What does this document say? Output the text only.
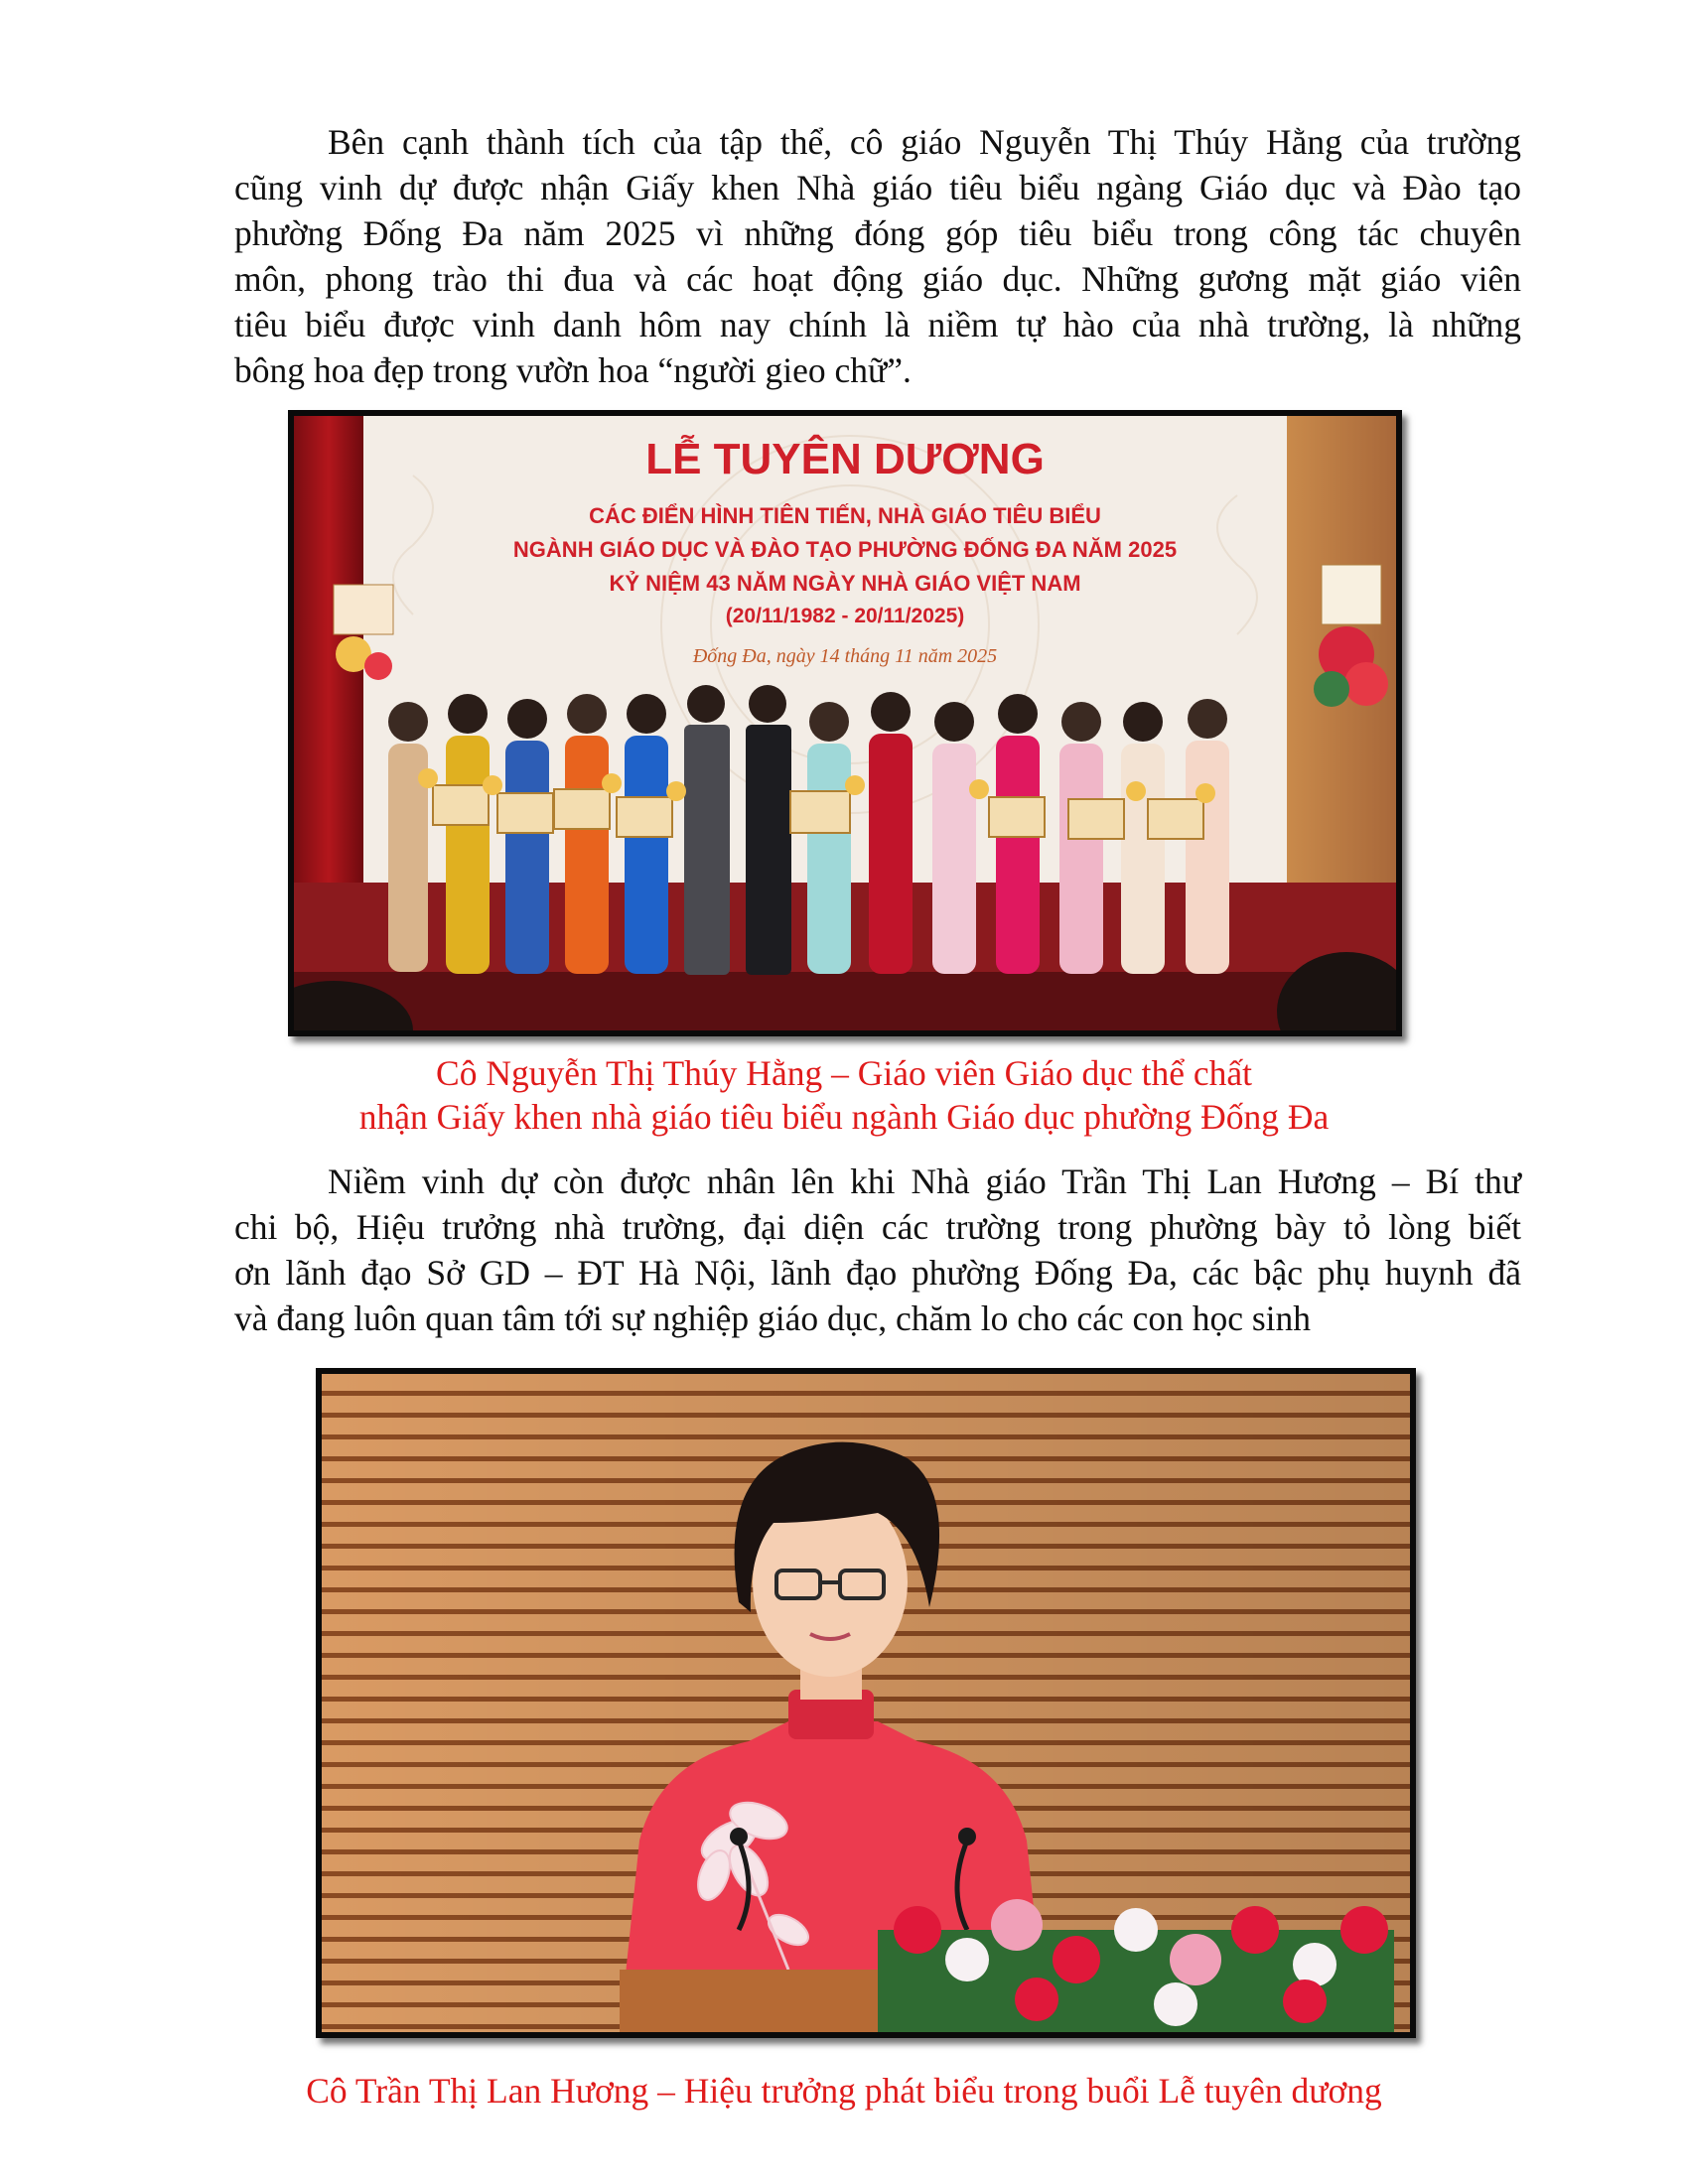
Bên cạnh thành tích của tập thể, cô giáo Nguyễn Thị Thúy Hằng của trường
cũng vinh dự được nhận Giấy khen Nhà giáo tiêu biểu ngàng Giáo dục và Đào tạo
phường Đống Đa năm 2025 vì những đóng góp tiêu biểu trong công tác chuyên
môn, phong trào thi đua và các hoạt động giáo dục. Những gương mặt giáo viên
tiêu biểu được vinh danh hôm nay chính là niềm tự hào của nhà trường, là những
bông hoa đẹp trong vườn hoa “người gieo chữ”.
LỄ TUYÊN DƯƠNG
CÁC ĐIỂN HÌNH TIÊN TIẾN, NHÀ GIÁO TIÊU BIỂU
NGÀNH GIÁO DỤC VÀ ĐÀO TẠO PHƯỜNG ĐỐNG ĐA NĂM 2025
KỶ NIỆM 43 NĂM NGÀY NHÀ GIÁO VIỆT NAM
(20/11/1982 - 20/11/2025)
Đống Đa, ngày 14 tháng 11 năm 2025
Cô Nguyễn Thị Thúy Hằng – Giáo viên Giáo dục thể chất
nhận Giấy khen nhà giáo tiêu biểu ngành Giáo dục phường Đống Đa
Niềm vinh dự còn được nhân lên khi Nhà giáo Trần Thị Lan Hương – Bí thư
chi bộ, Hiệu trưởng nhà trường, đại diện các trường trong phường bày tỏ lòng biết
ơn lãnh đạo Sở GD – ĐT Hà Nội, lãnh đạo phường Đống Đa, các bậc phụ huynh đã
và đang luôn quan tâm tới sự nghiệp giáo dục, chăm lo cho các con học sinh
Cô Trần Thị Lan Hương – Hiệu trưởng phát biểu trong buổi Lễ tuyên dương
